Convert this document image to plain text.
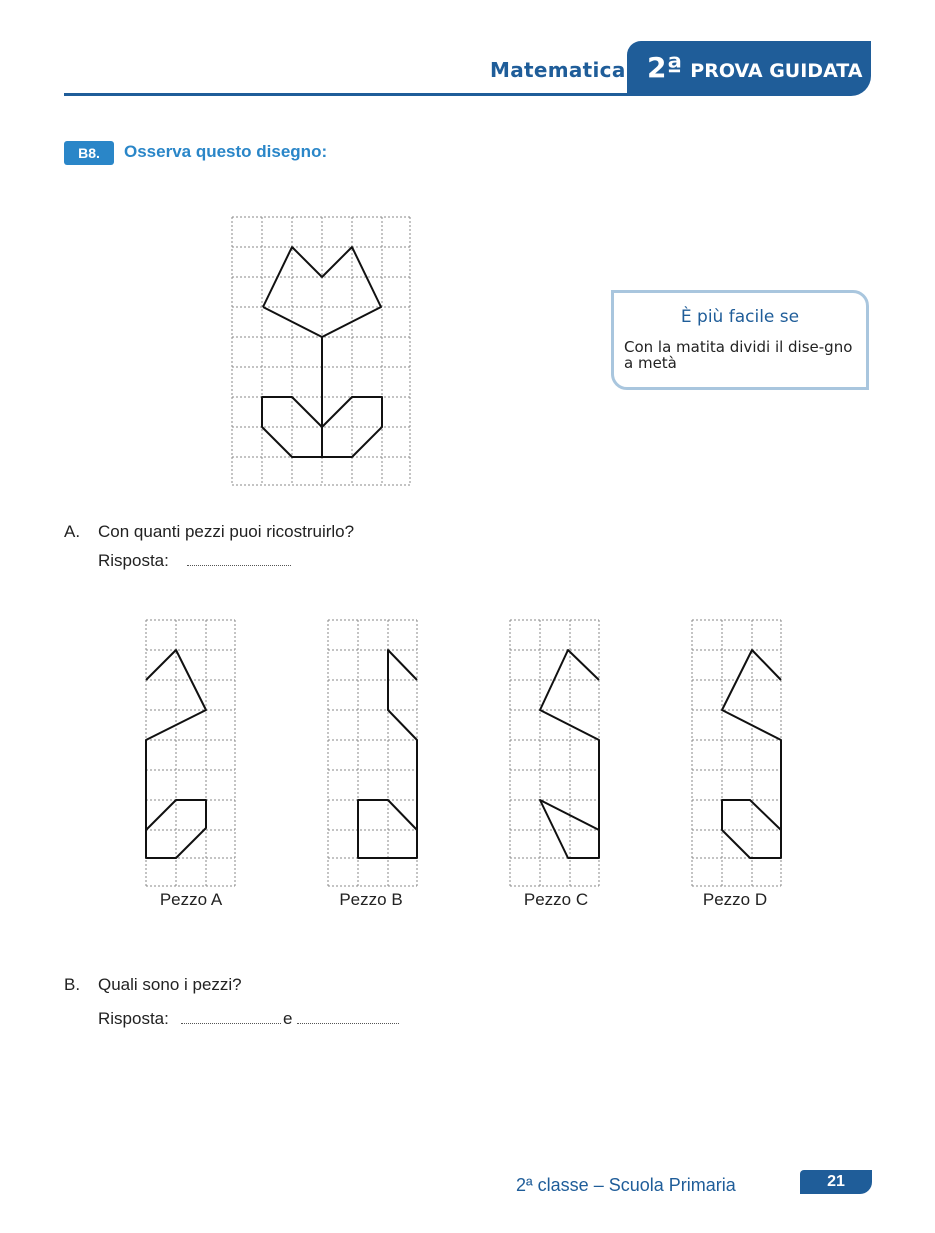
Matematica 2ª PROVA GUIDATA
B8.	Osserva questo disegno:
È più facile se
Con la matita dividi il dise-gno a metà
A. Con quanti pezzi puoi ricostruirlo?
Risposta:
Pezzo A	Pezzo B	Pezzo C	Pezzo D
B. Quali sono i pezzi?
Risposta:	e
2ª classe – Scuola Primaria	21
